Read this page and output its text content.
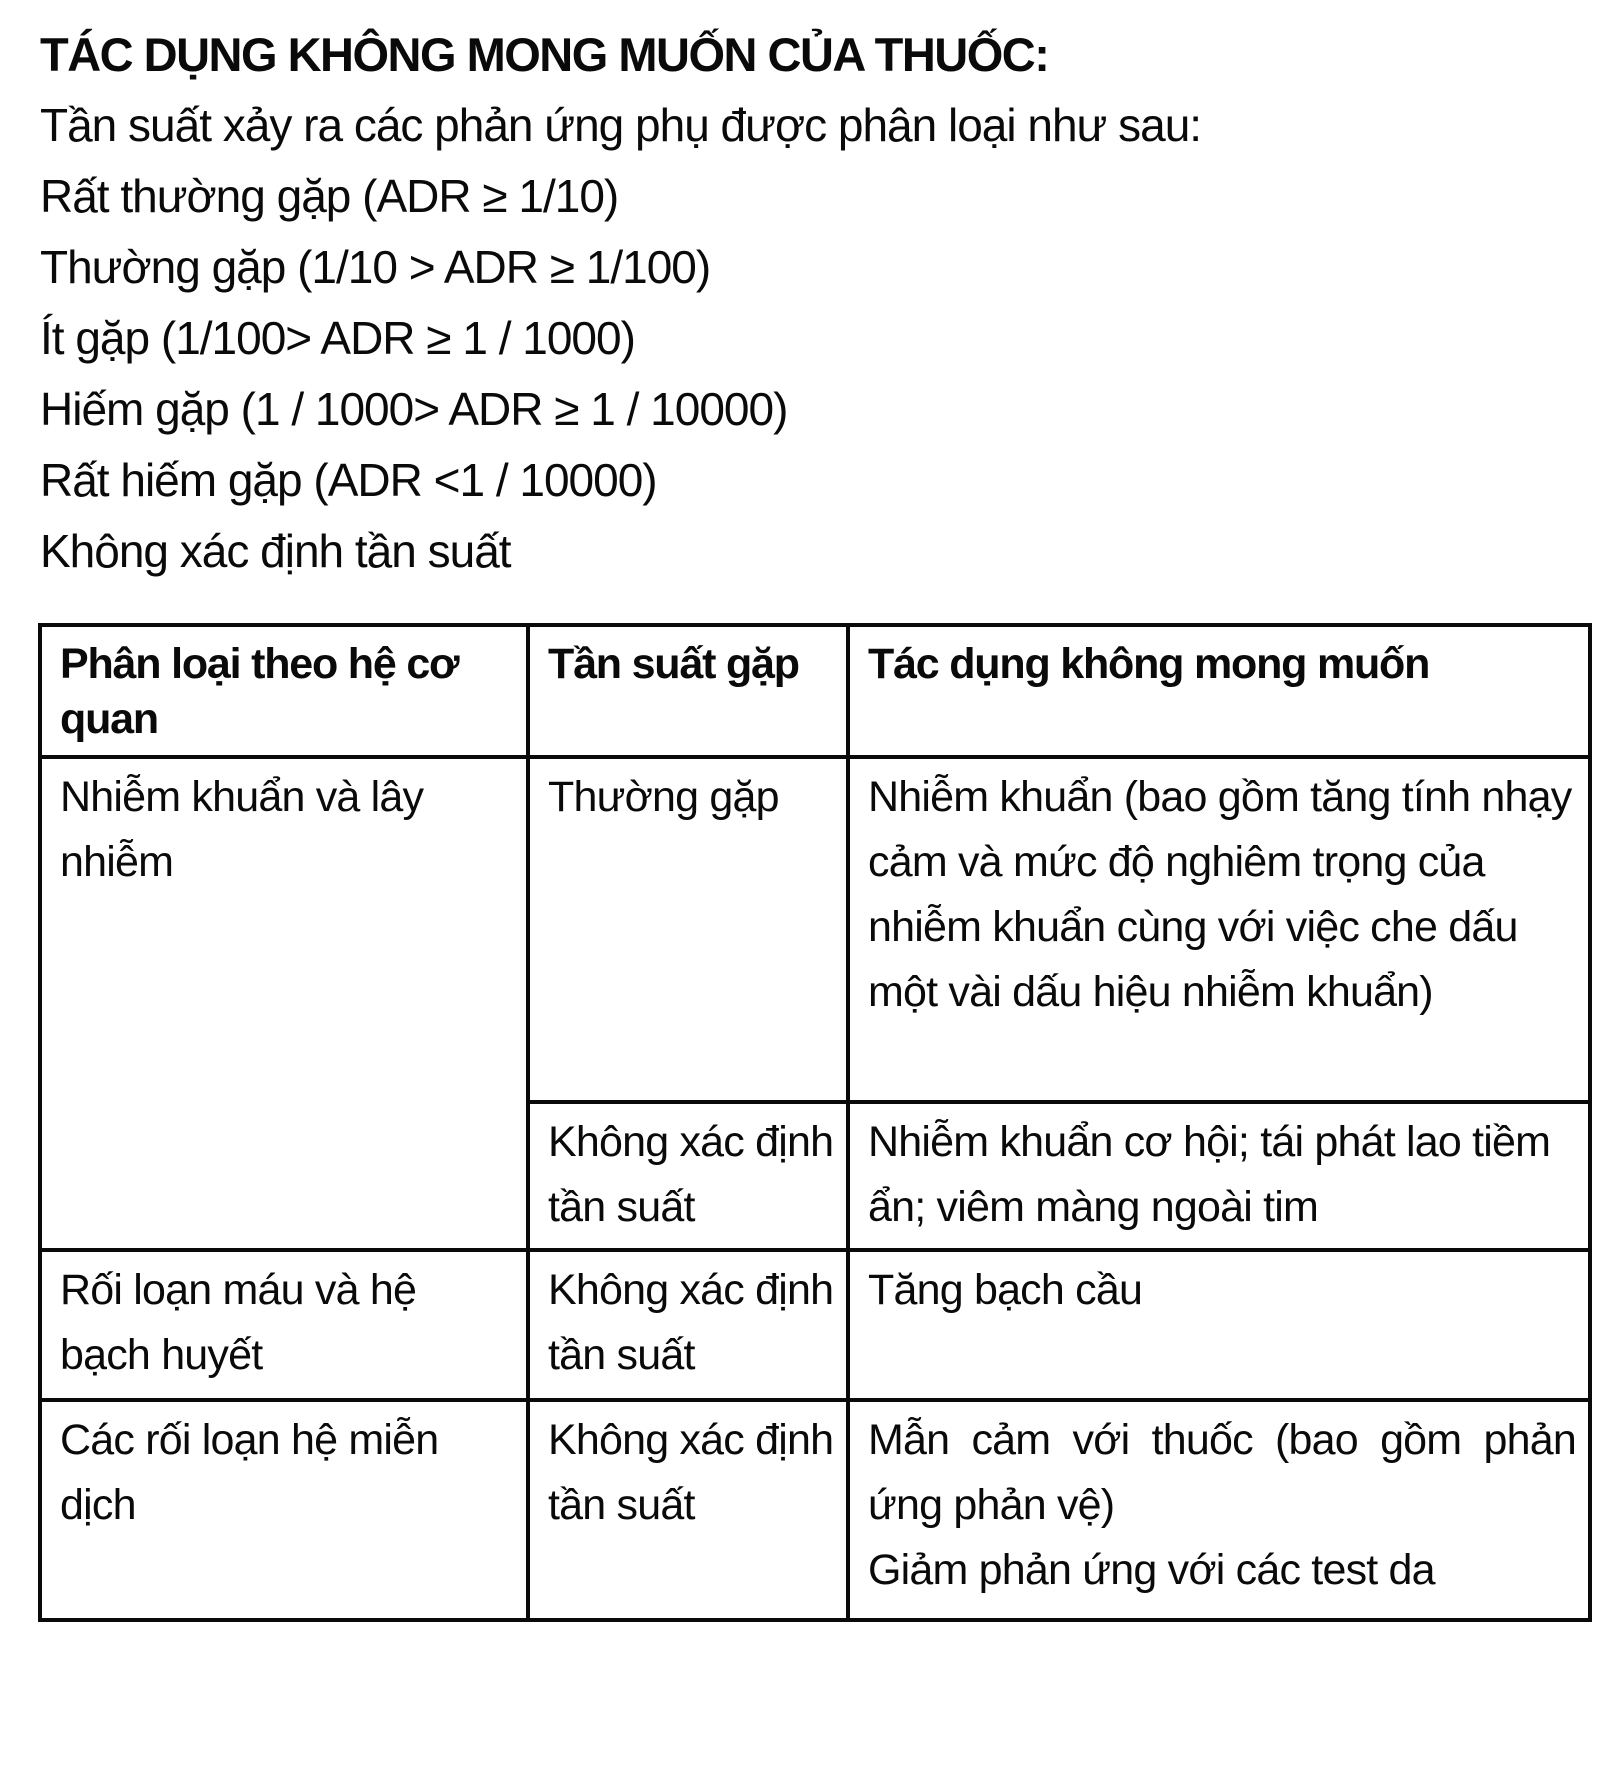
TÁC DỤNG KHÔNG MONG MUỐN CỦA THUỐC:

Tần suất xảy ra các phản ứng phụ được phân loại như sau:

Rất thường gặp (ADR ≥ 1/10)

Thường gặp (1/10 > ADR ≥ 1/100)

Ít gặp (1/100> ADR ≥ 1 / 1000)

Hiếm gặp (1 / 1000> ADR ≥ 1 / 10000)

Rất hiếm gặp (ADR <1 / 10000)

Không xác định tần suất

Phân loại theo hệ cơ quan	Tần suất gặp	Tác dụng không mong muốn
Nhiễm khuẩn và lây nhiễm	Thường gặp	Nhiễm khuẩn (bao gồm tăng tính nhạy cảm và mức độ nghiêm trọng của nhiễm khuẩn cùng với việc che dấu một vài dấu hiệu nhiễm khuẩn)

	Không xác định tần suất	Nhiễm khuẩn cơ hội; tái phát lao tiềm ẩn; viêm màng ngoài tim

Rối loạn máu và hệ bạch huyết	Không xác định tần suất	Tăng bạch cầu

Các rối loạn hệ miễn dịch	Không xác định tần suất	Mẫn cảm với thuốc (bao gồm phản ứng phản vệ)
Giảm phản ứng với các test da
